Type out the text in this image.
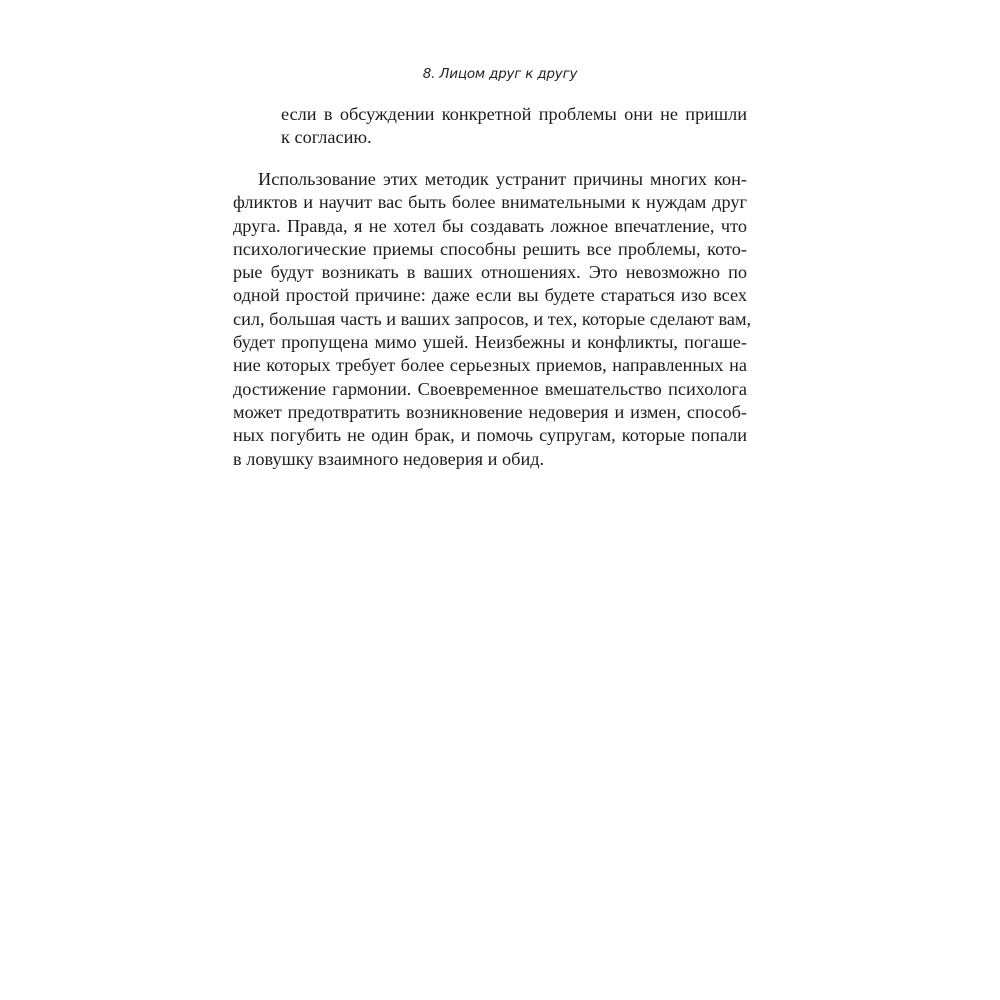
8. Лицом друг к другу
если в обсуждении конкретной проблемы они не пришли
к согласию.
Использование этих методик устранит причины многих кон-
фликтов и научит вас быть более внимательными к нуждам друг
друга. Правда, я не хотел бы создавать ложное впечатление, что
психологические приемы способны решить все проблемы, кото-
рые будут возникать в ваших отношениях. Это невозможно по
одной простой причине: даже если вы будете стараться изо всех
сил, большая часть и ваших запросов, и тех, которые сделают вам,
будет пропущена мимо ушей. Неизбежны и конфликты, погаше-
ние которых требует более серьезных приемов, направленных на
достижение гармонии. Своевременное вмешательство психолога
может предотвратить возникновение недоверия и измен, способ-
ных погубить не один брак, и помочь супругам, которые попали
в ловушку взаимного недоверия и обид.
